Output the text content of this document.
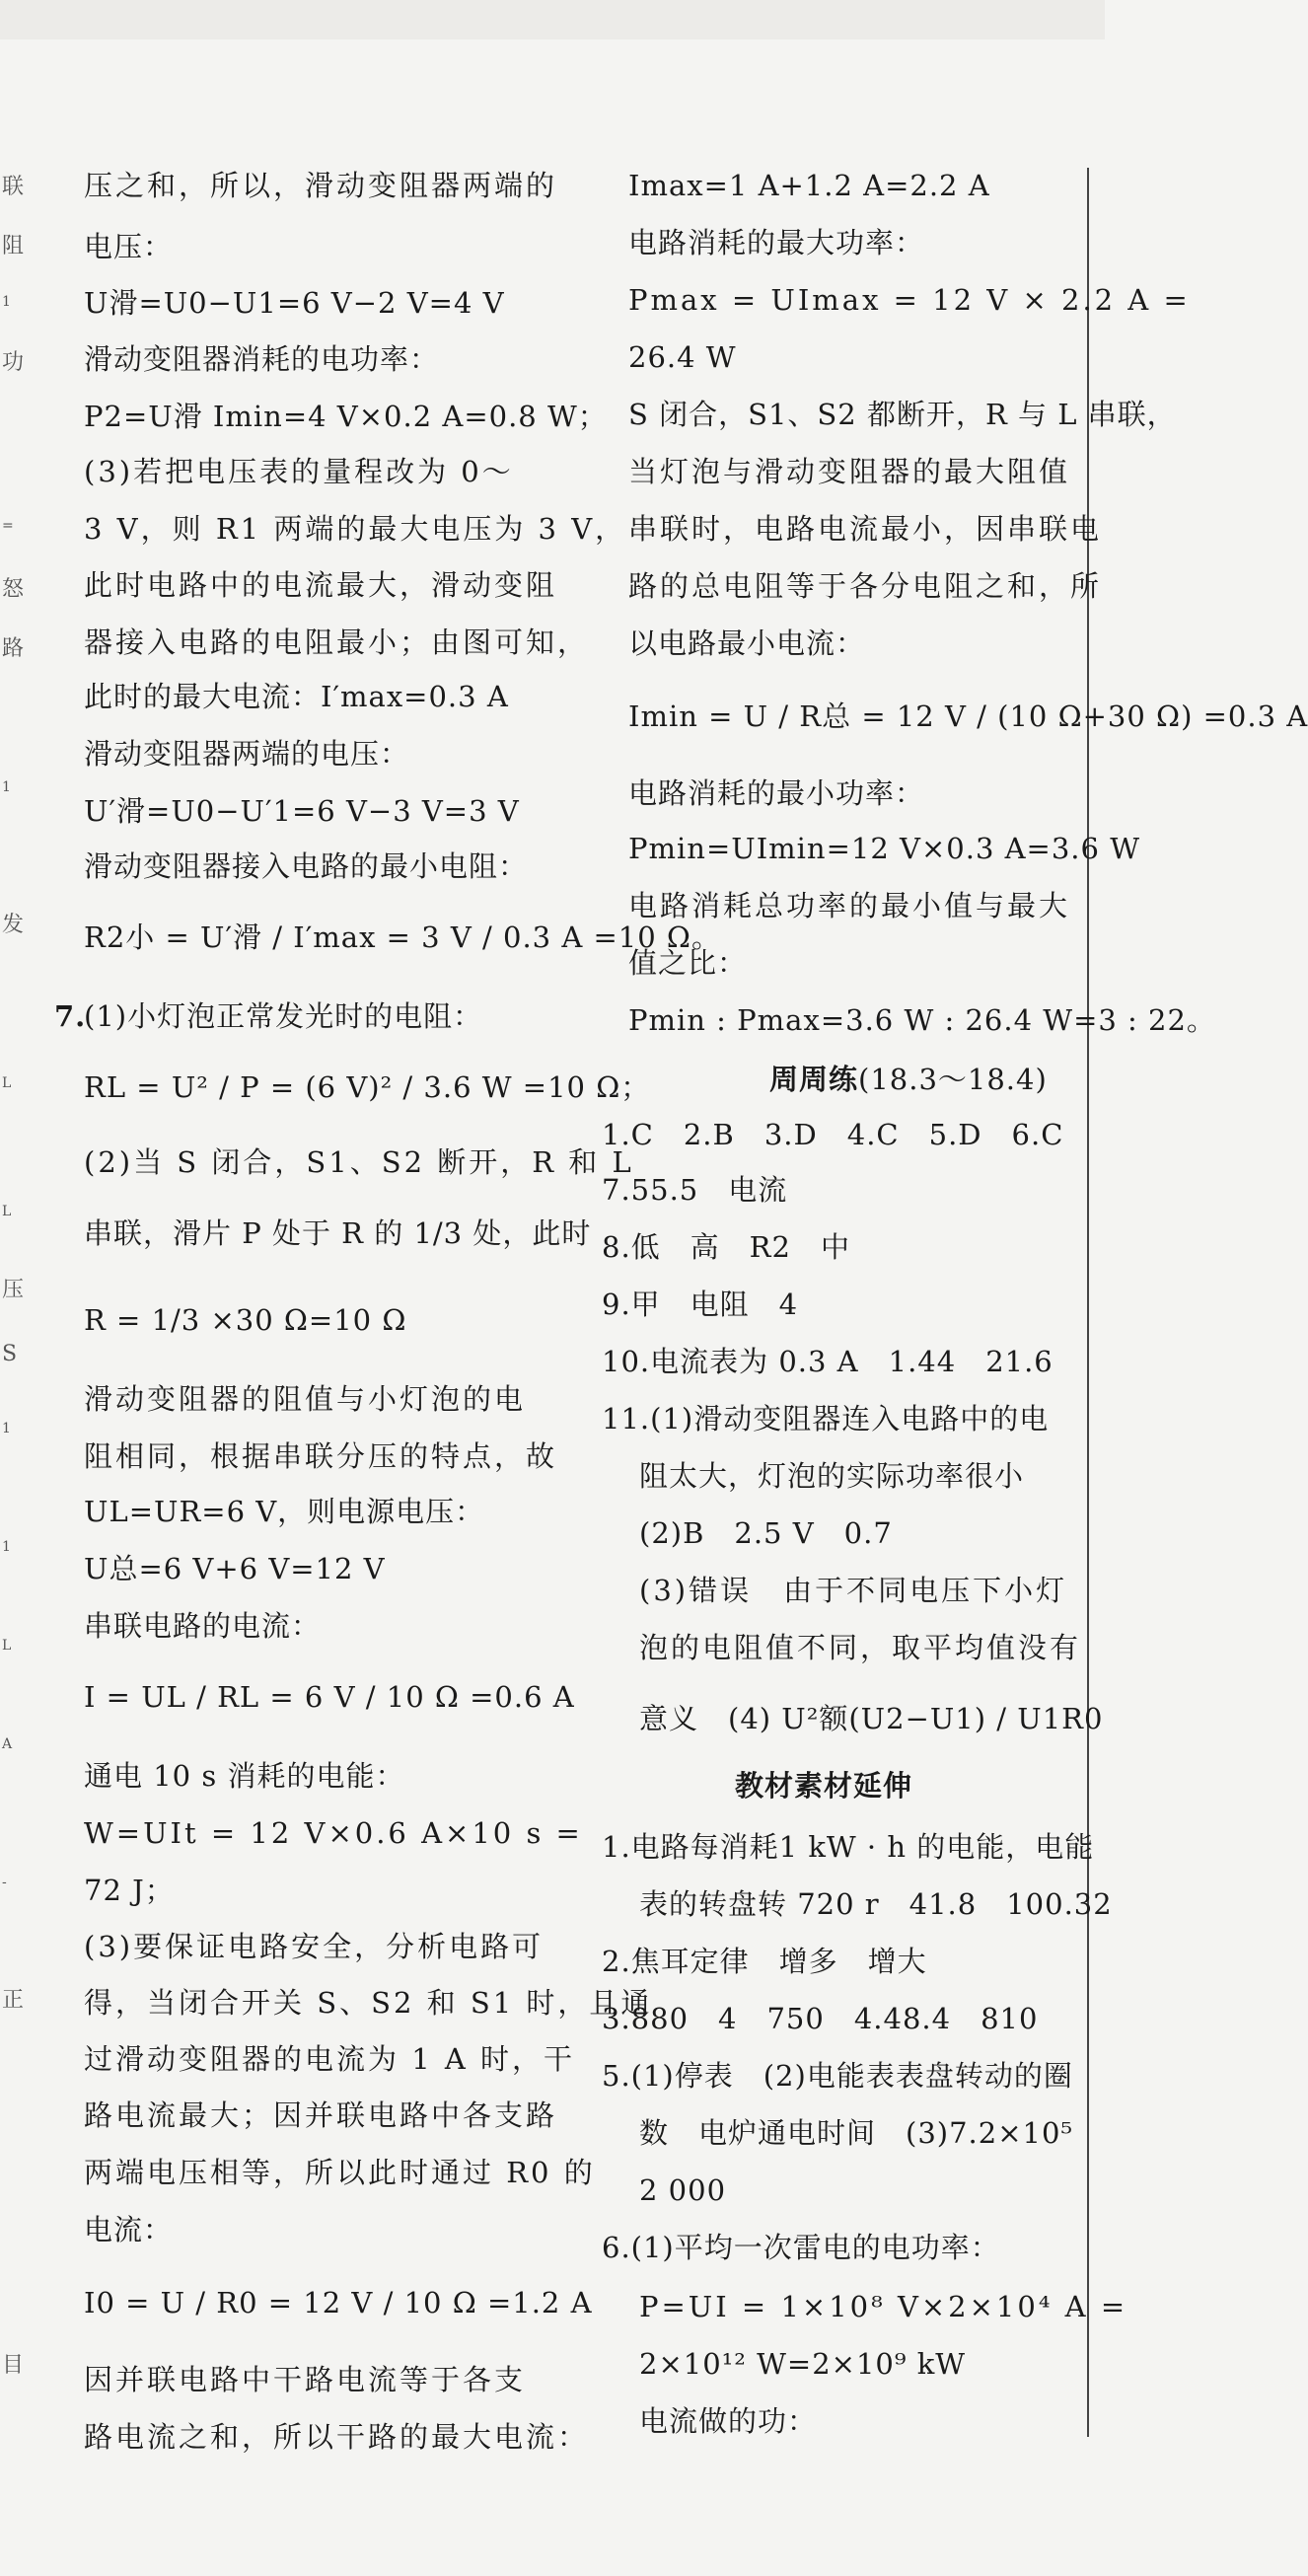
联
阻
1
功
=
怒
路
1
发
L
L
压
S
1
1
L
A
-
正
目
压之和，所以，滑动变阻器两端的
电压：
U滑=U0−U1=6 V−2 V=4 V
滑动变阻器消耗的电功率：
P2=U滑 Imin=4 V×0.2 A=0.8 W；
(3)若把电压表的量程改为 0～
3 V，则 R1 两端的最大电压为 3 V，
此时电路中的电流最大，滑动变阻
器接入电路的电阻最小；由图可知，
此时的最大电流：I′max=0.3 A
滑动变阻器两端的电压：
U′滑=U0−U′1=6 V−3 V=3 V
滑动变阻器接入电路的最小电阻：
R2小 = U′滑 / I′max = 3 V / 0.3 A =10 Ω。
7.
(1)小灯泡正常发光时的电阻：
RL = U² / P = (6 V)² / 3.6 W =10 Ω；
(2)当 S 闭合，S1、S2 断开，R 和 L
串联，滑片 P 处于 R 的 1/3 处，此时
R = 1/3 ×30 Ω=10 Ω
滑动变阻器的阻值与小灯泡的电
阻相同，根据串联分压的特点，故
UL=UR=6 V，则电源电压：
U总=6 V+6 V=12 V
串联电路的电流：
I = UL / RL = 6 V / 10 Ω =0.6 A
通电 10 s 消耗的电能：
W=UIt = 12 V×0.6 A×10 s =
72 J；
(3)要保证电路安全，分析电路可
得，当闭合开关 S、S2 和 S1 时，且通
过滑动变阻器的电流为 1 A 时，干
路电流最大；因并联电路中各支路
两端电压相等，所以此时通过 R0 的
电流：
I0 = U / R0 = 12 V / 10 Ω =1.2 A
因并联电路中干路电流等于各支
路电流之和，所以干路的最大电流：
Imax=1 A+1.2 A=2.2 A
电路消耗的最大功率：
Pmax = UImax = 12 V × 2.2 A =
26.4 W
S 闭合，S1、S2 都断开，R 与 L 串联，
当灯泡与滑动变阻器的最大阻值
串联时，电路电流最小，因串联电
路的总电阻等于各分电阻之和，所
以电路最小电流：
Imin = U / R总 = 12 V / (10 Ω+30 Ω) =0.3 A
电路消耗的最小功率：
Pmin=UImin=12 V×0.3 A=3.6 W
电路消耗总功率的最小值与最大
值之比：
Pmin : Pmax=3.6 W : 26.4 W=3 : 22。
周周练(18.3～18.4)
1.C　2.B　3.D　4.C　5.D　6.C
7.55.5　电流
8.低　高　R2　中
9.甲　电阻　4
10.电流表为 0.3 A　1.44　21.6
11.(1)滑动变阻器连入电路中的电
阻太大，灯泡的实际功率很小
(2)B　2.5 V　0.7
(3)错误　由于不同电压下小灯
泡的电阻值不同，取平均值没有
意义　(4) U²额(U2−U1) / U1R0
教材素材延伸
1.电路每消耗1 kW · h 的电能，电能
表的转盘转 720 r　41.8　100.32
2.焦耳定律　增多　增大
3.880　4　750　4.48.4　810
5.(1)停表　(2)电能表表盘转动的圈
数　电炉通电时间　(3)7.2×10⁵
2 000
6.(1)平均一次雷电的电功率：
P=UI = 1×10⁸ V×2×10⁴ A =
2×10¹² W=2×10⁹ kW
电流做的功：
